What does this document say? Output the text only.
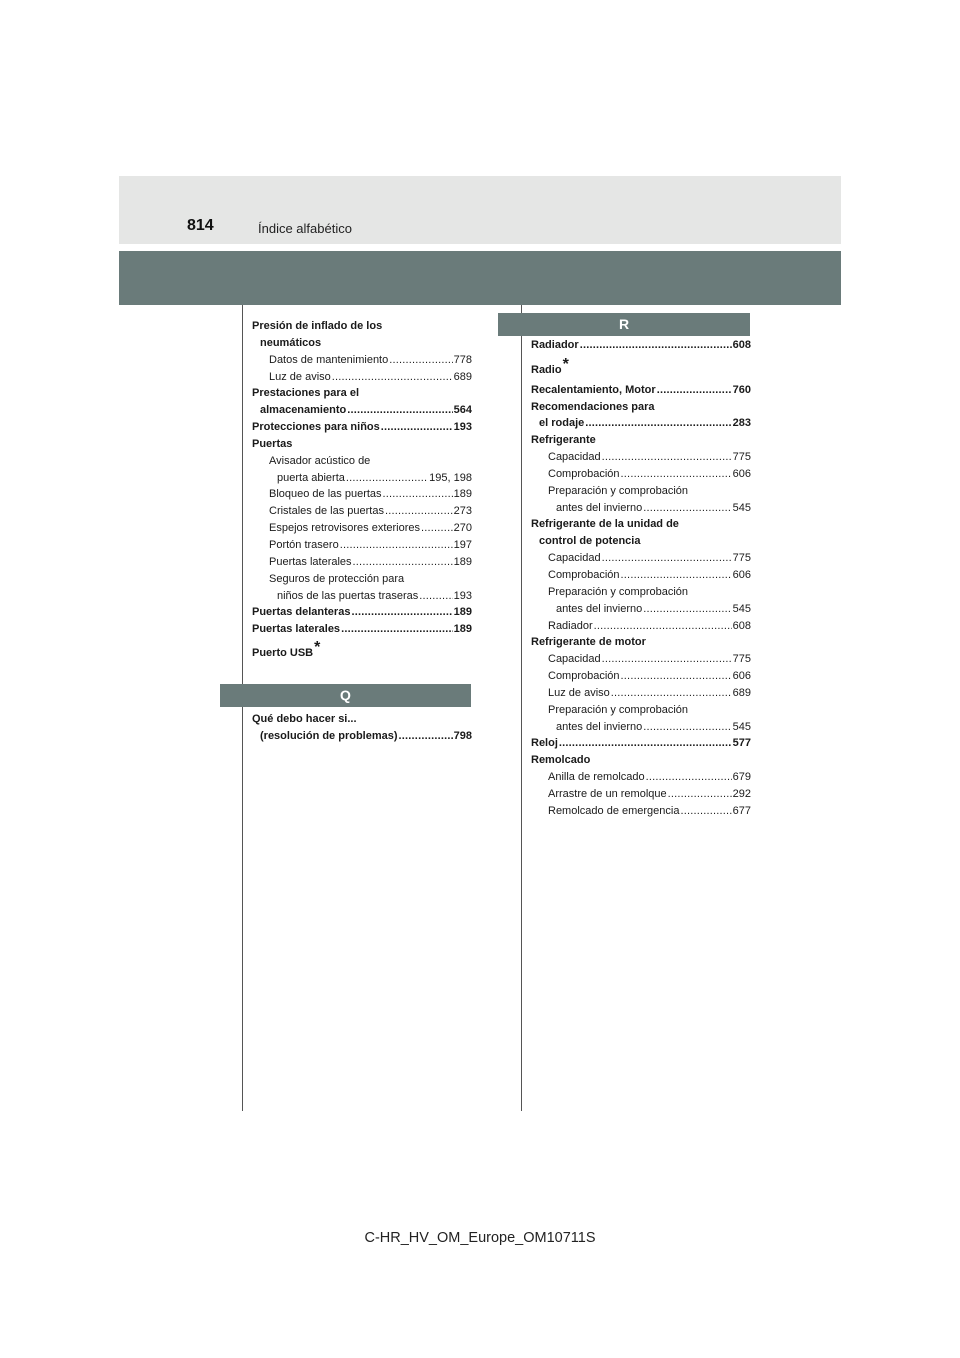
814	Índice alfabético
R
Q
Presión de inflado de los
neumáticos
Datos de mantenimiento .....	778
Luz de aviso .....	689
Prestaciones para el
almacenamiento .....	564
Protecciones para niños .....	193
Puertas
Avisador acústico de
puerta abierta .....	195, 198
Bloqueo de las puertas .....	189
Cristales de las puertas .....	273
Espejos retrovisores exteriores .....	270
Portón trasero .....	197
Puertas laterales .....	189
Seguros de protección para
niños de las puertas traseras .....	193
Puertas delanteras .....	189
Puertas laterales .....	189
Puerto USB*
Qué debo hacer si...
(resolución de problemas) .....	798
Radiador .....	608
Radio*
Recalentamiento, Motor .....	760
Recomendaciones para
el rodaje .....	283
Refrigerante
Capacidad .....	775
Comprobación .....	606
Preparación y comprobación
antes del invierno .....	545
Refrigerante de la unidad de
control de potencia
Capacidad .....	775
Comprobación .....	606
Preparación y comprobación
antes del invierno .....	545
Radiador .....	608
Refrigerante de motor
Capacidad .....	775
Comprobación .....	606
Luz de aviso .....	689
Preparación y comprobación
antes del invierno .....	545
Reloj .....	577
Remolcado
Anilla de remolcado .....	679
Arrastre de un remolque .....	292
Remolcado de emergencia .....	677
C-HR_HV_OM_Europe_OM10711S
